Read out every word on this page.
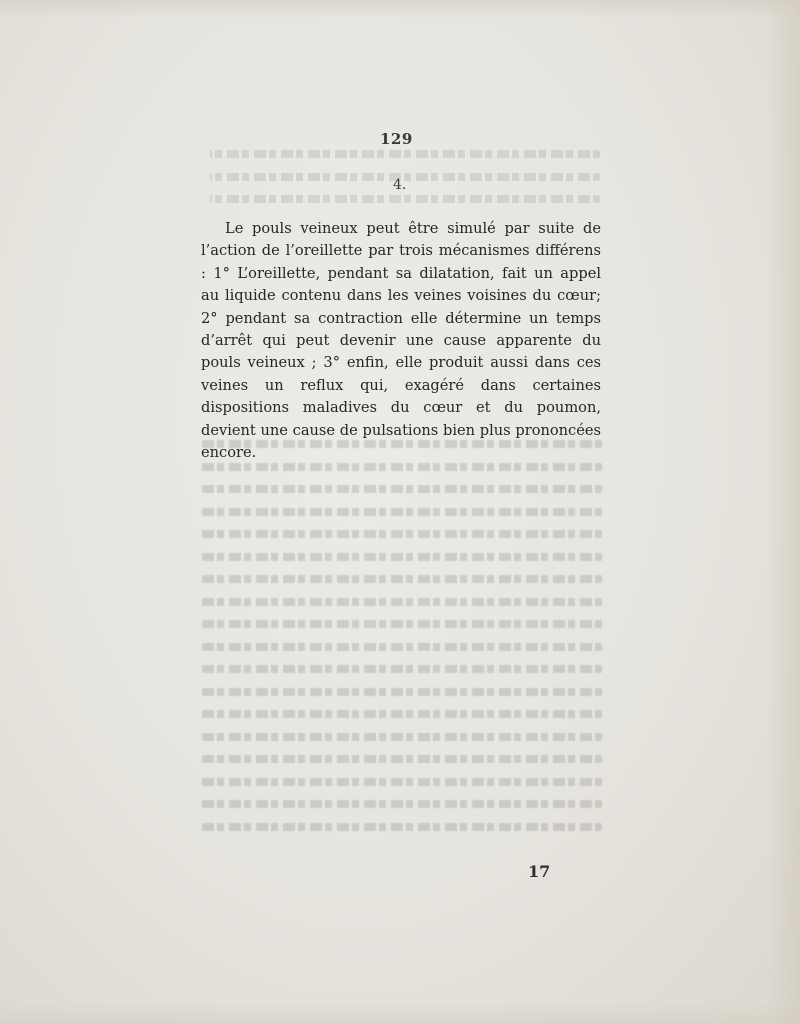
129
4.

Le pouls veineux peut être simulé par suite de l’action de l’oreillette par trois mécanismes différens : 1° L’oreillette, pendant sa dilatation, fait un appel au liquide contenu dans les veines voisines du cœur; 2° pendant sa contraction elle détermine un temps d’arrêt qui peut devenir une cause apparente du pouls veineux ; 3° enfin, elle produit aussi dans ces veines un reflux qui, exagéré dans certaines dispositions maladives du cœur et du poumon, devient une cause de pulsations bien plus prononcées encore.

17
